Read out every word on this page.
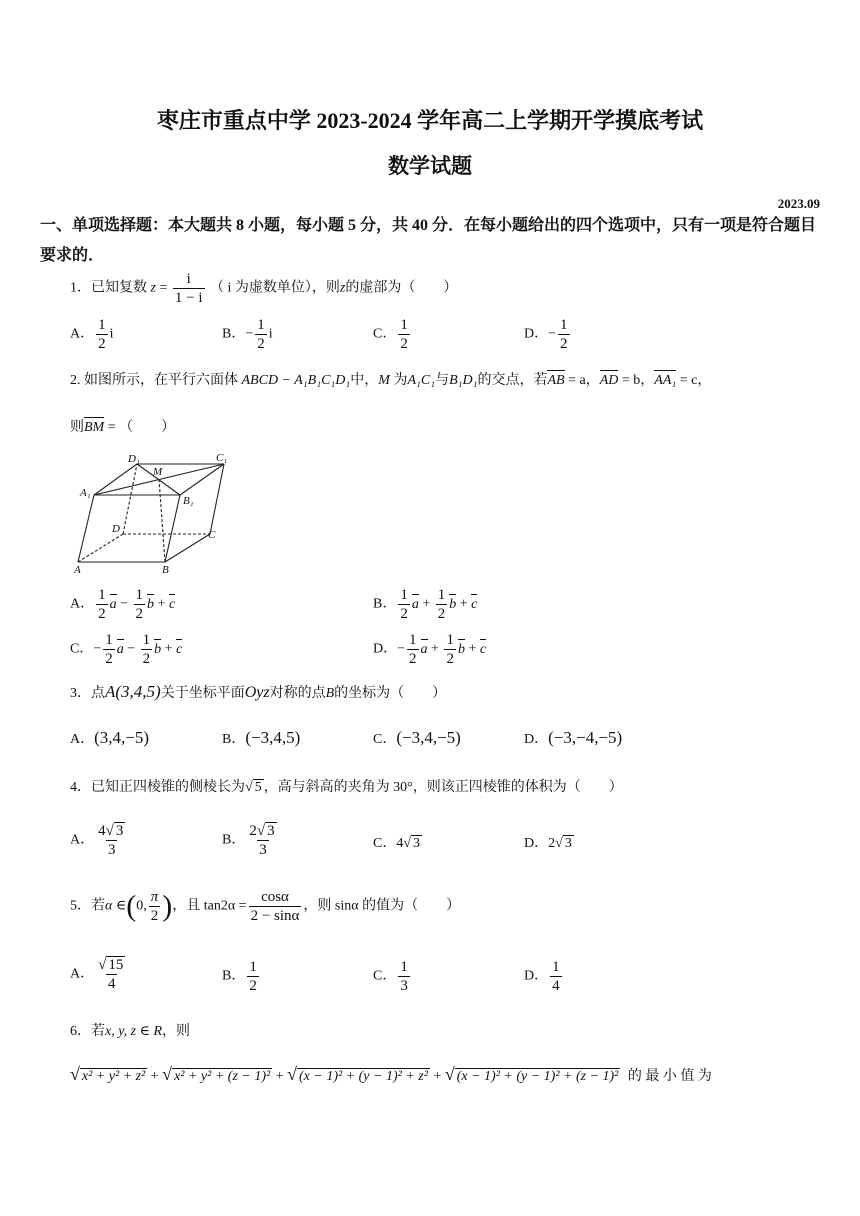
枣庄市重点中学 2023-2024 学年高二上学期开学摸底考试
数学试题
2023.09
一、单项选择题：本大题共 8 小题，每小题 5 分，共 40 分．在每小题给出的四个选项中，只有一项是符合题目要求的．
1．已知复数 $z = \frac{i}{1 - i}$ （ i 为虚数单位），则z的虚部为（　　）
A． $\frac{1}{2}$ i	B．− $\frac{1}{2}$ i	C． $\frac{1}{2}$	D．− $\frac{1}{2}$
2. 如图所示，在平行六面体 ABCD − A₁B₁C₁D₁中，M 为A₁C₁与B₁D₁的交点，若AB = a，AD = b，AA₁ = c，
则BM = （　　）
D₁	C₁
M
A₁
B₁
D	C
A	B
A． $\frac{1}{2}$ $a - \frac{1}{2}$ b + c	B． $\frac{1}{2}$ $a + \frac{1}{2}$ b + c
C．− $\frac{1}{2}$ $a - \frac{1}{2}$ b + c	D．− $\frac{1}{2}$ $a + \frac{1}{2}$ b + c
3．点A(3,4,5)关于坐标平面Oyz对称的点B的坐标为（　　）
A．(3,4,−5)	B．(−3,4,5)	C．(−3,4,−5)	D．(−3,−4,−5)
4．已知正四棱锥的侧棱长为√ 5 ，高与斜高的夹角为 30°，则该正四棱锥的体积为（　　）
A． $\frac{4√ 3}{3}$	B． $\frac{2√ 3}{3}$	C．4√ 3	D．2√ 3
5．若α ∈(0, $\frac{\pi}{2}$ )，且 $\tan 2\alpha = \frac{\cos\alpha}{2 - \sin\alpha}$ ，则 sinα 的值为（　　）
A． $\frac{√ 15}{4}$	B． $\frac{1}{2}$	C． $\frac{1}{3}$	D． $\frac{1}{4}$
6．若x, y, z ∈ R，则
√ x² + y² + z² + √ x² + y² + (z − 1)² + √ (x − 1)² + (y − 1)² + z² + √ (x − 1)² + (y − 1)² + (z − 1)² 的 最 小 值 为
